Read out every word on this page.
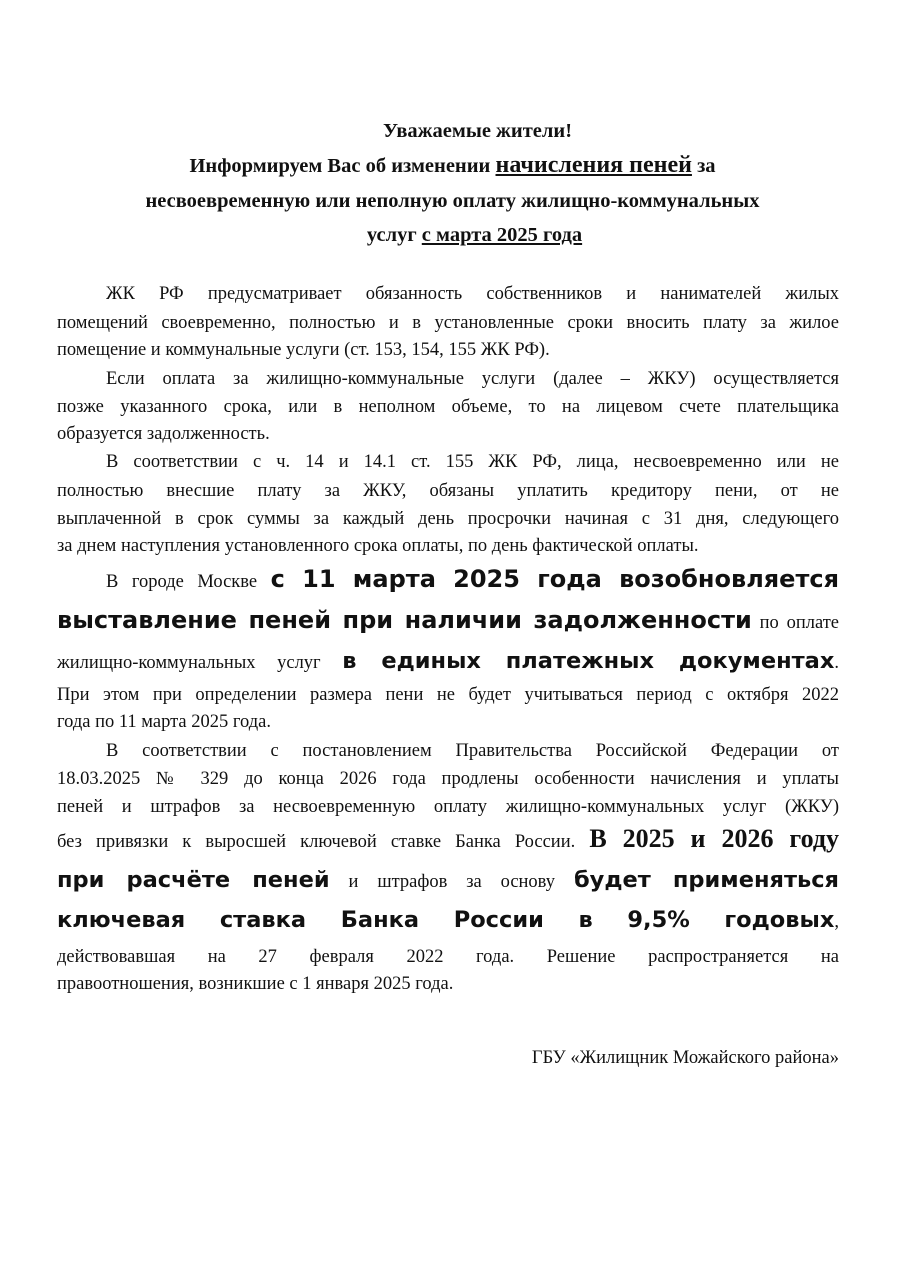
Уважаемые жители!
Информируем Вас об изменении начисления пеней за
несвоевременную или неполную оплату жилищно-коммунальных
услуг с марта 2025 года
ЖК РФ предусматривает обязанность собственников и нанимателей жилых
помещений своевременно, полностью и в установленные сроки вносить плату за жилое
помещение и коммунальные услуги (ст. 153, 154, 155 ЖК РФ).
Если оплата за жилищно-коммунальные услуги (далее – ЖКУ) осуществляется
позже указанного срока, или в неполном объеме, то на лицевом счете плательщика
образуется задолженность.
В соответствии с ч. 14 и 14.1 ст. 155 ЖК РФ, лица, несвоевременно или не
полностью внесшие плату за ЖКУ, обязаны уплатить кредитору пени, от не
выплаченной в срок суммы за каждый день просрочки начиная с 31 дня, следующего
за днем наступления установленного срока оплаты, по день фактической оплаты.
В городе Москве с 11 марта 2025 года возобновляется
выставление пеней при наличии задолженности по оплате
жилищно-коммунальных услуг в единых платежных документах.
При этом при определении размера пени не будет учитываться период с октября 2022
года по 11 марта 2025 года.
В соответствии с постановлением Правительства Российской Федерации от
18.03.2025 № 329 до конца 2026 года продлены особенности начисления и уплаты
пеней и штрафов за несвоевременную оплату жилищно-коммунальных услуг (ЖКУ)
без привязки к выросшей ключевой ставке Банка России. В 2025 и 2026 году
при расчёте пеней и штрафов за основу будет применяться
ключевая ставка Банка России в 9,5% годовых,
действовавшая на 27 февраля 2022 года. Решение распространяется на
правоотношения, возникшие с 1 января 2025 года.
ГБУ «Жилищник Можайского района»
